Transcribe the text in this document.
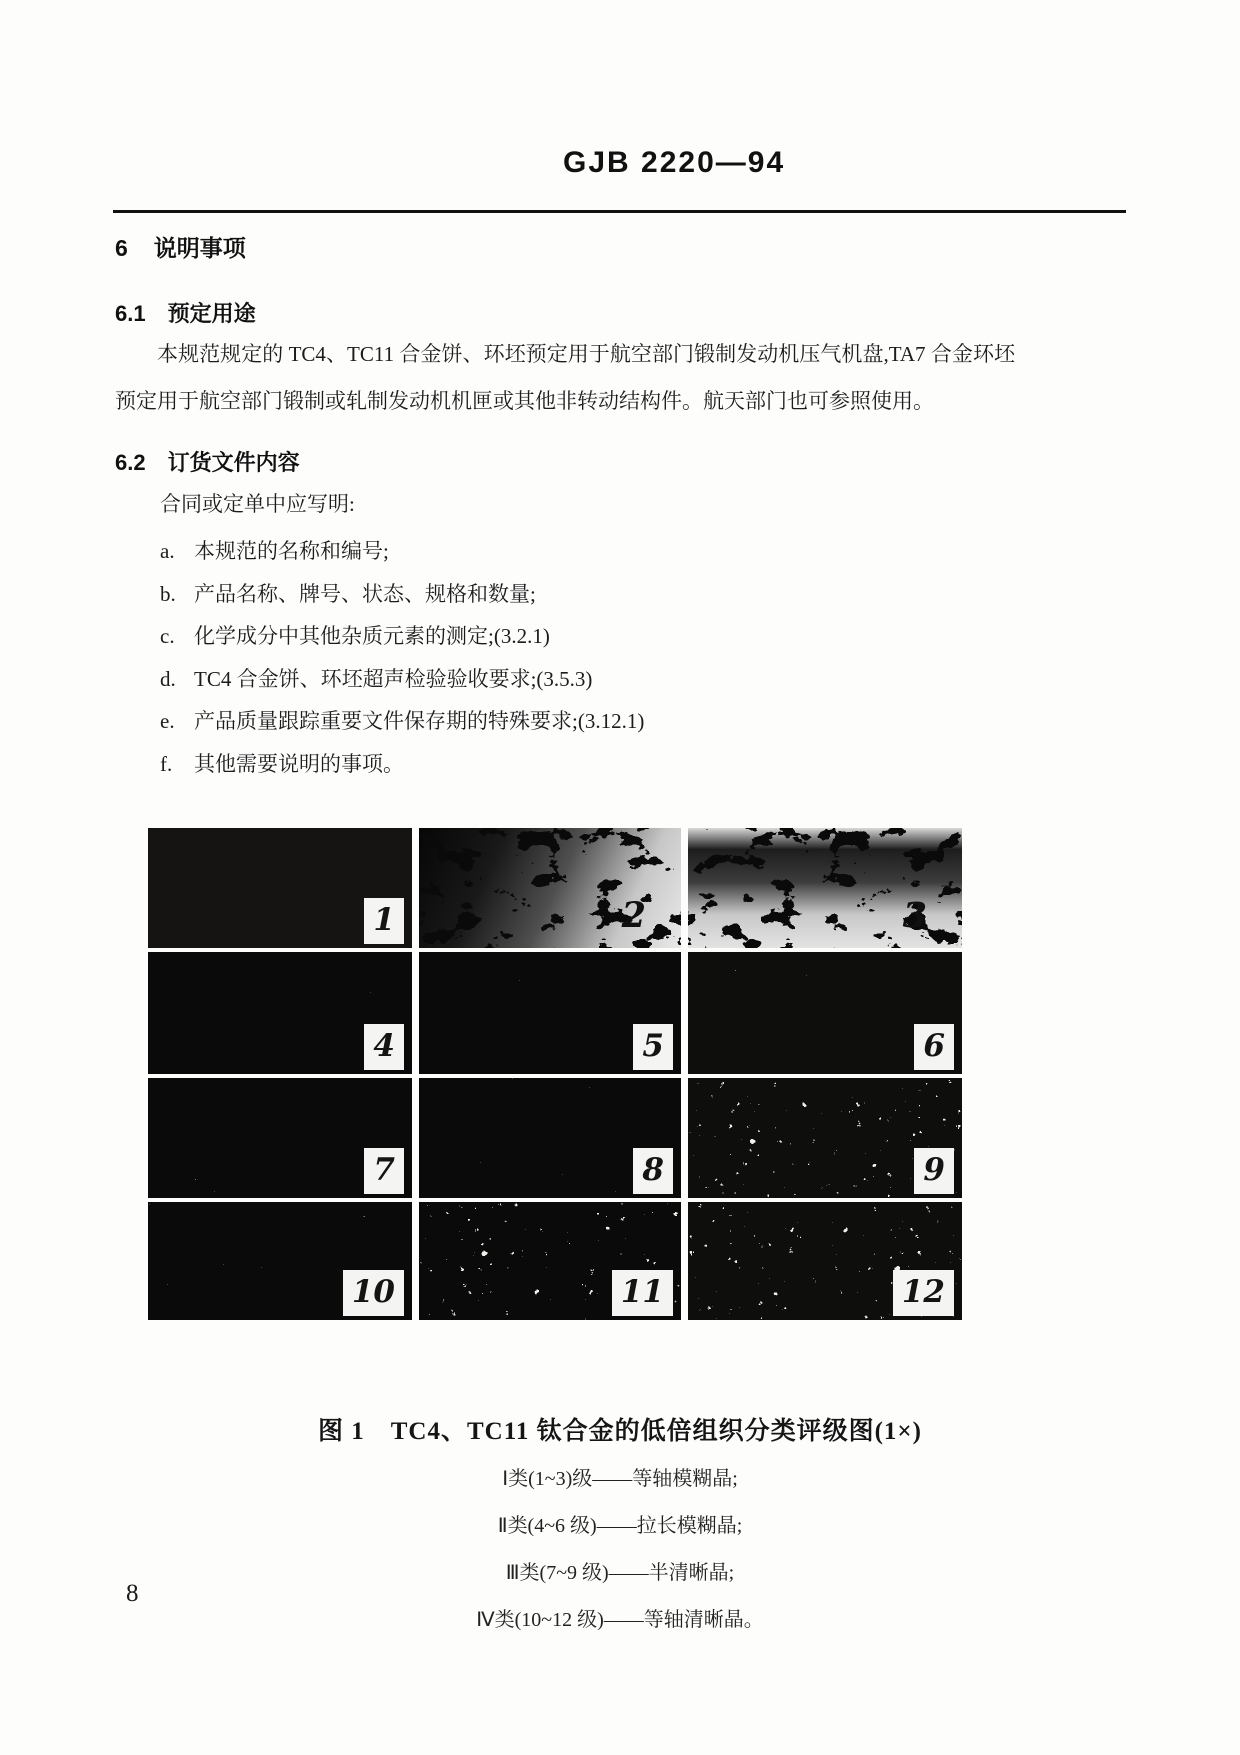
GJB 2220—94
6 说明事项
6.1 预定用途

本规范规定的 TC4、TC11 合金饼、环坯预定用于航空部门锻制发动机压气机盘,TA7 合金环坯预定用于航空部门锻制或轧制发动机机匣或其他非转动结构件。航天部门也可参照使用。

6.2 订货文件内容
合同或定单中应写明:
a. 本规范的名称和编号;
b. 产品名称、牌号、状态、规格和数量;
c. 化学成分中其他杂质元素的测定;(3.2.1)
d. TC4 合金饼、环坯超声检验验收要求;(3.5.3)
e. 产品质量跟踪重要文件保存期的特殊要求;(3.12.1)
f. 其他需要说明的事项。
1	2	3
4	5	6
7	8	9
10	11	12
图 1　TC4、TC11 钛合金的低倍组织分类评级图(1×)
Ⅰ类(1~3)级——等轴模糊晶;
Ⅱ类(4~6 级)——拉长模糊晶;
Ⅲ类(7~9 级)——半清晰晶;
Ⅳ类(10~12 级)——等轴清晰晶。
8
